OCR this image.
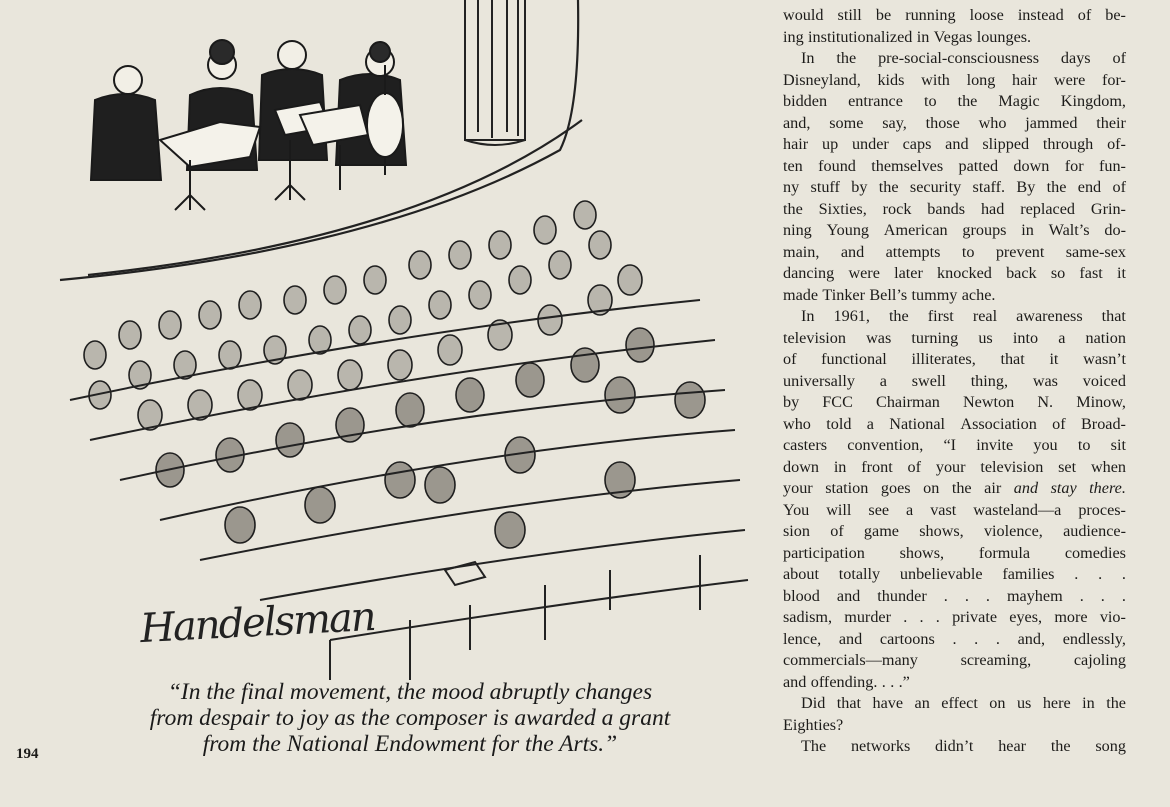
Handelsman

“In the final movement, the mood abruptly changes

from despair to joy as the composer is awarded a grant

from the National Endowment for the Arts.”

194
would still be running loose instead of be-
ing institutionalized in Vegas lounges.
In the pre-social-consciousness days of
Disneyland, kids with long hair were for-
bidden entrance to the Magic Kingdom,
and, some say, those who jammed their
hair up under caps and slipped through of-
ten found themselves patted down for fun-
ny stuff by the security staff. By the end of
the Sixties, rock bands had replaced Grin-
ning Young American groups in Walt’s do-
main, and attempts to prevent same-sex
dancing were later knocked back so fast it
made Tinker Bell’s tummy ache.
In 1961, the first real awareness that
television was turning us into a nation
of functional illiterates, that it wasn’t
universally a swell thing, was voiced
by FCC Chairman Newton N. Minow,
who told a National Association of Broad-
casters convention, “I invite you to sit
down in front of your television set when
your station goes on the air and stay there.
You will see a vast wasteland—a proces-
sion of game shows, violence, audience-
participation shows, formula comedies
about totally unbelievable families . . .
blood and thunder . . . mayhem . . .
sadism, murder . . . private eyes, more vio-
lence, and cartoons . . . and, endlessly,
commercials—many	screaming,	cajoling
and offending. . . .”
Did that have an effect on us here in the
Eighties?
The networks didn’t hear the song
